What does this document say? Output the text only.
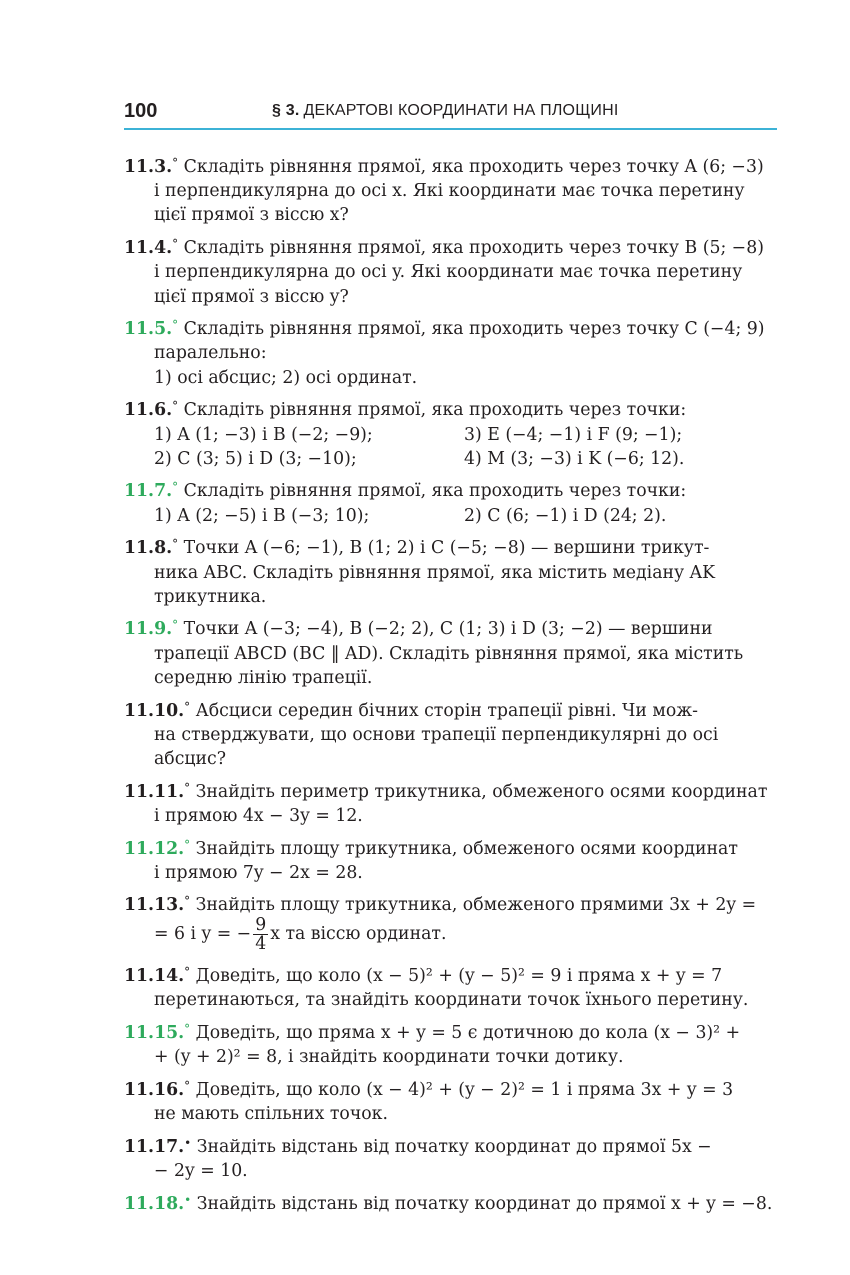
100	§ 3. ДЕКАРТОВІ КООРДИНАТИ НА ПЛОЩИНІ
11.3.° Складіть рівняння прямої, яка проходить через точку A (6; −3)
і перпендикулярна до осі x. Які координати має точка перетину
цієї прямої з віссю x?
11.4.° Складіть рівняння прямої, яка проходить через точку B (5; −8)
і перпендикулярна до осі y. Які координати має точка перетину
цієї прямої з віссю y?
11.5.° Складіть рівняння прямої, яка проходить через точку C (−4; 9)
паралельно:
1) осі абсцис; 2) осі ординат.
11.6.° Складіть рівняння прямої, яка проходить через точки:
1) A (1; −3) і B (−2; −9);	3) E (−4; −1) і F (9; −1);
2) C (3; 5) і D (3; −10);	4) M (3; −3) і K (−6; 12).
11.7.° Складіть рівняння прямої, яка проходить через точки:
1) A (2; −5) і B (−3; 10);	2) C (6; −1) і D (24; 2).
11.8.° Точки A (−6; −1), B (1; 2) і C (−5; −8) — вершини трикут-
ника ABC. Складіть рівняння прямої, яка містить медіану AK
трикутника.
11.9.° Точки A (−3; −4), B (−2; 2), C (1; 3) і D (3; −2) — вершини
трапеції ABCD (BC ‖ AD). Складіть рівняння прямої, яка містить
середню лінію трапеції.
11.10.° Абсциси середин бічних сторін трапеції рівні. Чи мож-
на стверджувати, що основи трапеції перпендикулярні до осі
абсцис?
11.11.° Знайдіть периметр трикутника, обмеженого осями координат
і прямою 4x − 3y = 12.
11.12.° Знайдіть площу трикутника, обмеженого осями координат
і прямою 7y − 2x = 28.
11.13.° Знайдіть площу трикутника, обмеженого прямими 3x + 2y =
= 6 і y = − $\frac{9}{4}$ x та віссю ординат.
11.14.° Доведіть, що коло (x − 5)² + (y − 5)² = 9 і пряма x + y = 7
перетинаються, та знайдіть координати точок їхнього перетину.
11.15.° Доведіть, що пряма x + y = 5 є дотичною до кола (x − 3)² +
+ (y + 2)² = 8, і знайдіть координати точки дотику.
11.16.° Доведіть, що коло (x − 4)² + (y − 2)² = 1 і пряма 3x + y = 3
не мають спільних точок.
11.17.• Знайдіть відстань від початку координат до прямої 5x −
− 2y = 10.
11.18.• Знайдіть відстань від початку координат до прямої x + y = −8.
